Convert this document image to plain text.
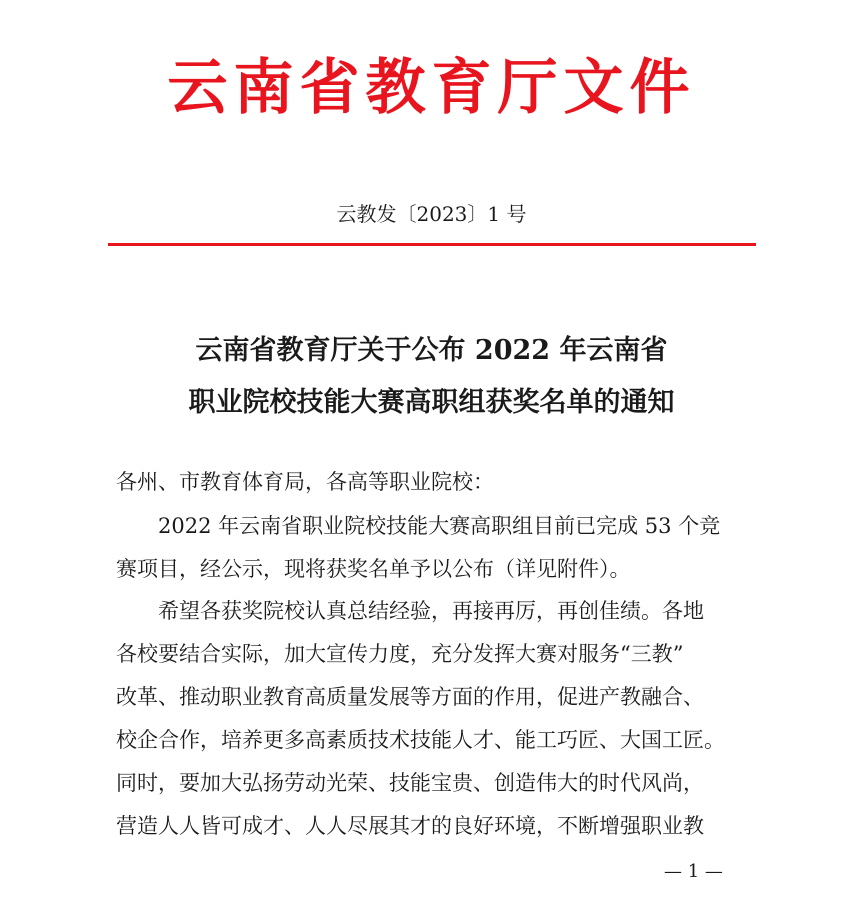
云南省教育厅文件
云教发〔2023〕1 号
云南省教育厅关于公布 2022 年云南省
职业院校技能大赛高职组获奖名单的通知
各州、市教育体育局，各高等职业院校：
2022 年云南省职业院校技能大赛高职组目前已完成 53 个竞
赛项目，经公示，现将获奖名单予以公布（详见附件）。
希望各获奖院校认真总结经验，再接再厉，再创佳绩。各地
各校要结合实际，加大宣传力度，充分发挥大赛对服务“三教”
改革、推动职业教育高质量发展等方面的作用，促进产教融合、
校企合作，培养更多高素质技术技能人才、能工巧匠、大国工匠。
同时，要加大弘扬劳动光荣、技能宝贵、创造伟大的时代风尚，
营造人人皆可成才、人人尽展其才的良好环境，不断增强职业教
— 1 —
